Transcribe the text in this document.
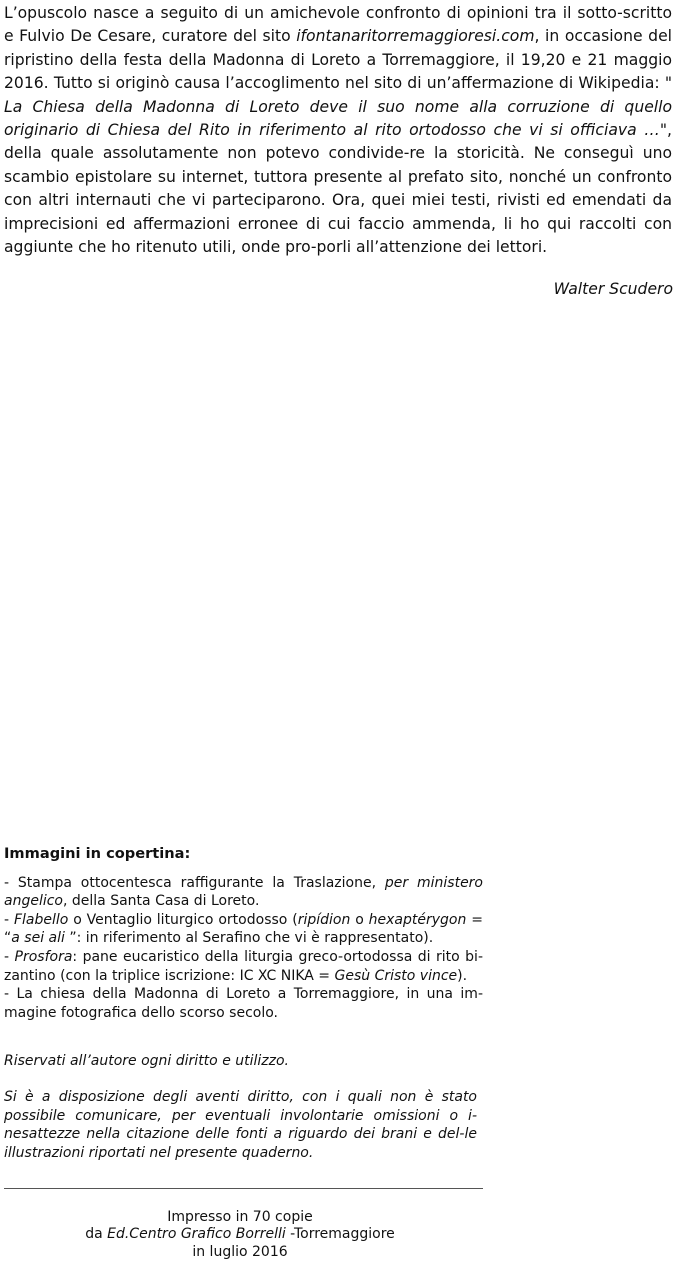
L’opuscolo nasce a seguito di un amichevole confronto di opinioni tra il sotto-scritto e Fulvio De Cesare, curatore del sito ifontanaritorremaggioresi.com, in occasione del ripristino della festa della Madonna di Loreto a Torremaggiore, il 19,20 e 21 maggio 2016. Tutto si originò causa l’accoglimento nel sito di un’affermazione di Wikipedia: " La Chiesa della Madonna di Loreto deve il suo nome alla corruzione di quello originario di Chiesa del Rito in riferimento al rito ortodosso che vi si officiava …", della quale assolutamente non potevo condivide-re la storicità. Ne conseguì uno scambio epistolare su internet, tuttora presente al prefato sito, nonché un confronto con altri internauti che vi parteciparono. Ora, quei miei testi, rivisti ed emendati da imprecisioni ed affermazioni erronee di cui faccio ammenda, li ho qui raccolti con aggiunte che ho ritenuto utili, onde pro-porli all’attenzione dei lettori.
Walter Scudero
Immagini in copertina:
- Stampa ottocentesca raffigurante la Traslazione, per ministero angelico, della Santa Casa di Loreto.
- Flabello o Ventaglio liturgico ortodosso (ripídion o hexaptérygon = “a sei ali ”: in riferimento al Serafino che vi è rappresentato).
- Prosfora: pane eucaristico della liturgia greco-ortodossa di rito bi-zantino (con la triplice iscrizione: IC XC NIKA = Gesù Cristo vince).
- La chiesa della Madonna di Loreto a Torremaggiore, in una im-magine fotografica dello scorso secolo.
Riservati all’autore ogni diritto e utilizzo.
Si è a disposizione degli aventi diritto, con i quali non è stato possibile comunicare, per eventuali involontarie omissioni o i-nesattezze nella citazione delle fonti a riguardo dei brani e del-le illustrazioni riportati nel presente quaderno.
Impresso in 70 copie
da Ed.Centro Grafico Borrelli -Torremaggiore
in luglio 2016
